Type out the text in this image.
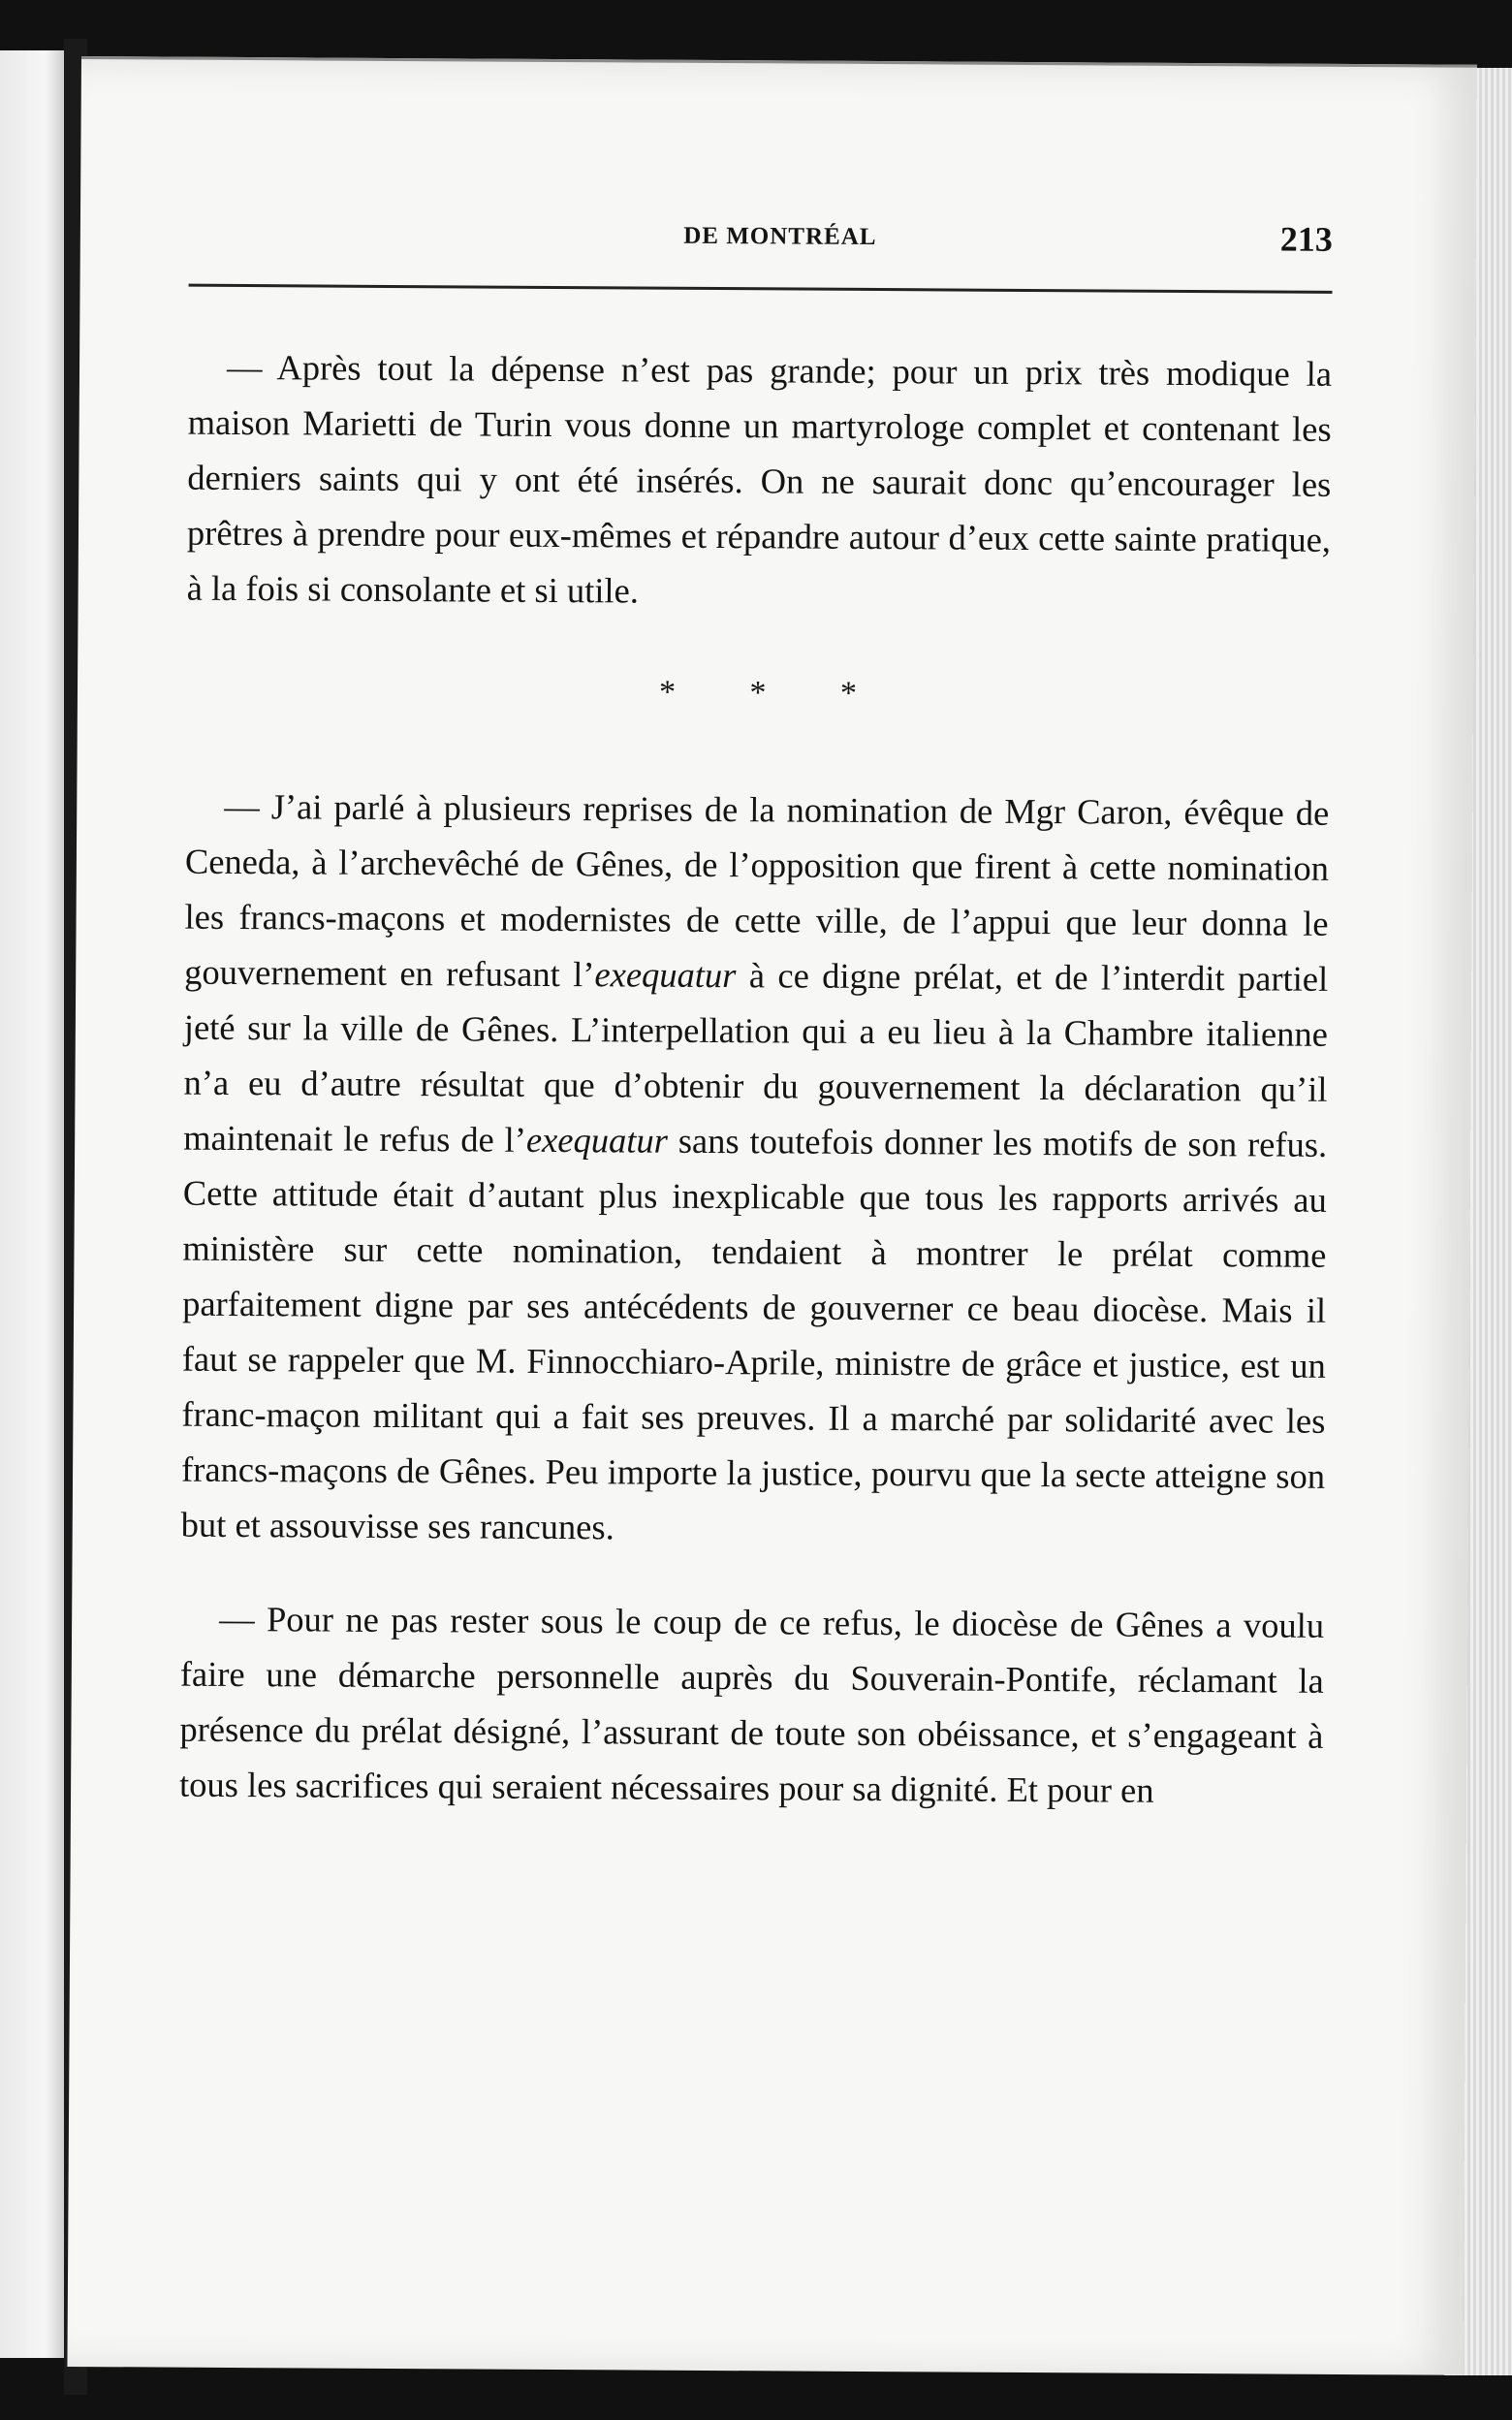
DE MONTRÉAL	213

— Après tout la dépense n’est pas grande; pour un prix très modique la maison Marietti de Turin vous donne un martyrologe complet et contenant les derniers saints qui y ont été insérés. On ne saurait donc qu’encourager les prêtres à prendre pour eux-mêmes et répandre autour d’eux cette sainte pratique, à la fois si consolante et si utile.

* * *

— J’ai parlé à plusieurs reprises de la nomination de Mgr Caron, évêque de Ceneda, à l’archevêché de Gênes, de l’opposition que firent à cette nomination les francs-maçons et modernistes de cette ville, de l’appui que leur donna le gouvernement en refusant l’exequatur à ce digne prélat, et de l’interdit partiel jeté sur la ville de Gênes. L’interpellation qui a eu lieu à la Chambre italienne n’a eu d’autre résultat que d’obtenir du gouvernement la déclaration qu’il maintenait le refus de l’exequatur sans toutefois donner les motifs de son refus. Cette attitude était d’autant plus inexplicable que tous les rapports arrivés au ministère sur cette nomination, tendaient à montrer le prélat comme parfaitement digne par ses antécédents de gouverner ce beau diocèse. Mais il faut se rappeler que M. Finnocchiaro-Aprile, ministre de grâce et justice, est un franc-maçon militant qui a fait ses preuves. Il a marché par solidarité avec les francs-maçons de Gênes. Peu importe la justice, pourvu que la secte atteigne son but et assouvisse ses rancunes.

— Pour ne pas rester sous le coup de ce refus, le diocèse de Gênes a voulu faire une démarche personnelle auprès du Souverain-Pontife, réclamant la présence du prélat désigné, l’assurant de toute son obéissance, et s’engageant à tous les sacrifices qui seraient nécessaires pour sa dignité. Et pour en
